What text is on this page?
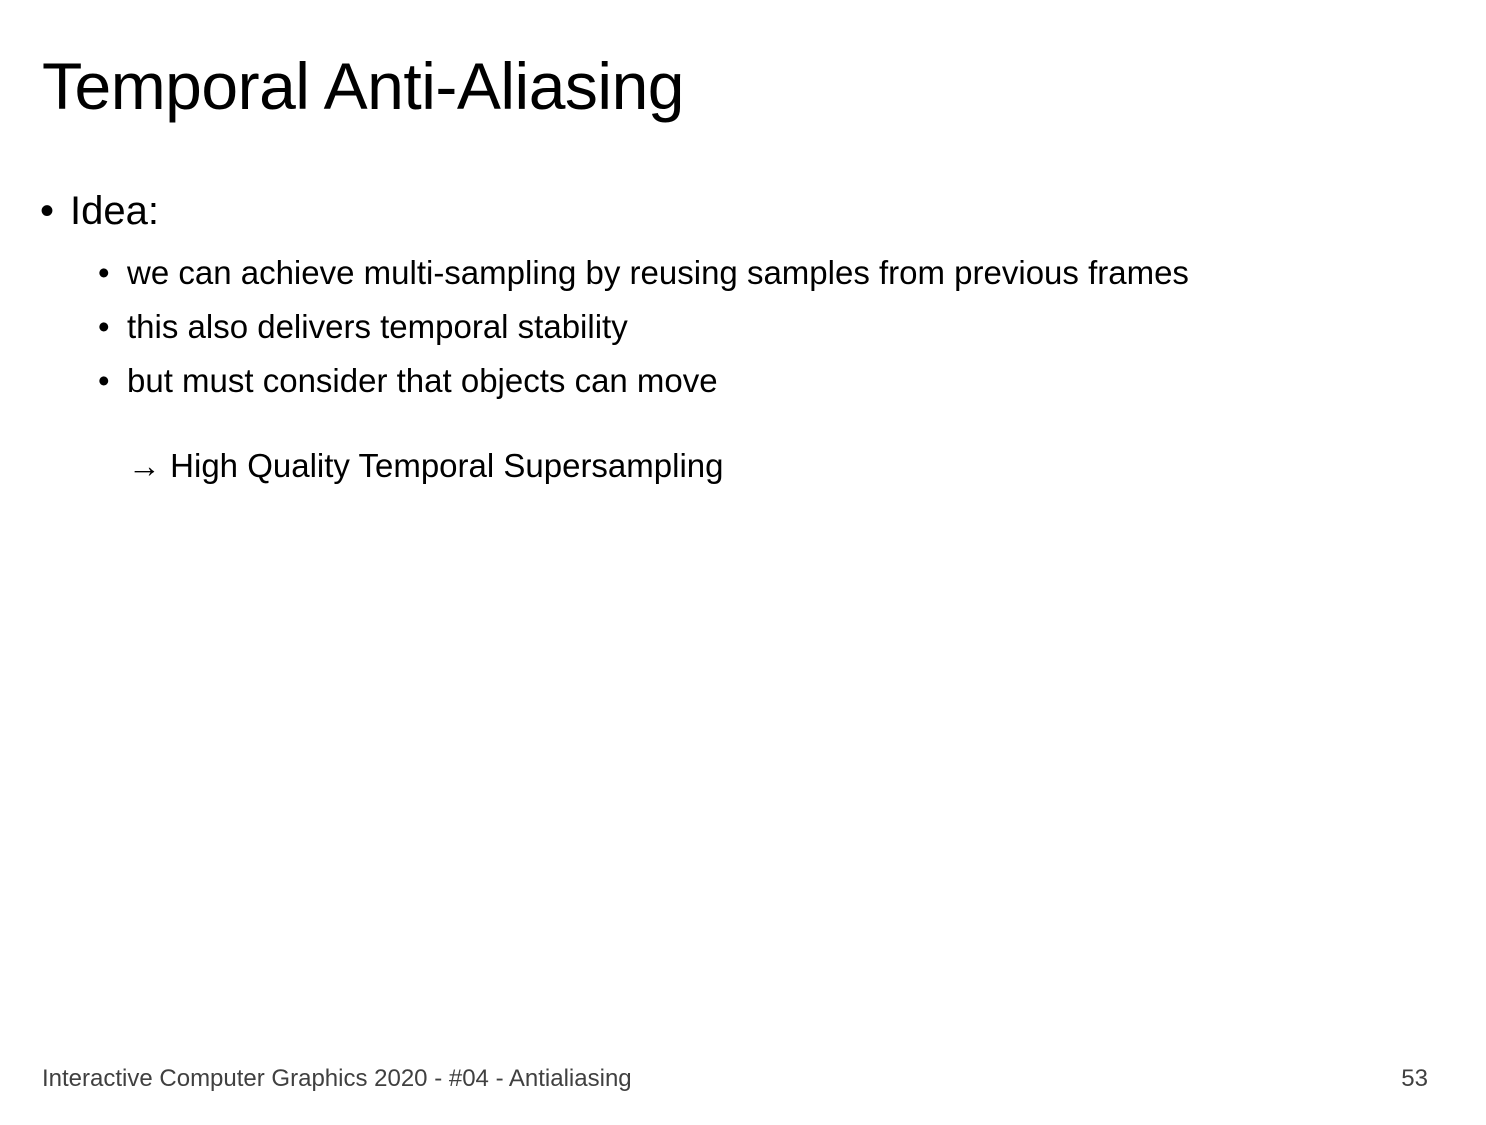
Temporal Anti-Aliasing
• Idea:
• we can achieve multi-sampling by reusing samples from previous frames
• this also delivers temporal stability
• but must consider that objects can move
→ High Quality Temporal Supersampling
Interactive Computer Graphics 2020 - #04 - Antialiasing	53
